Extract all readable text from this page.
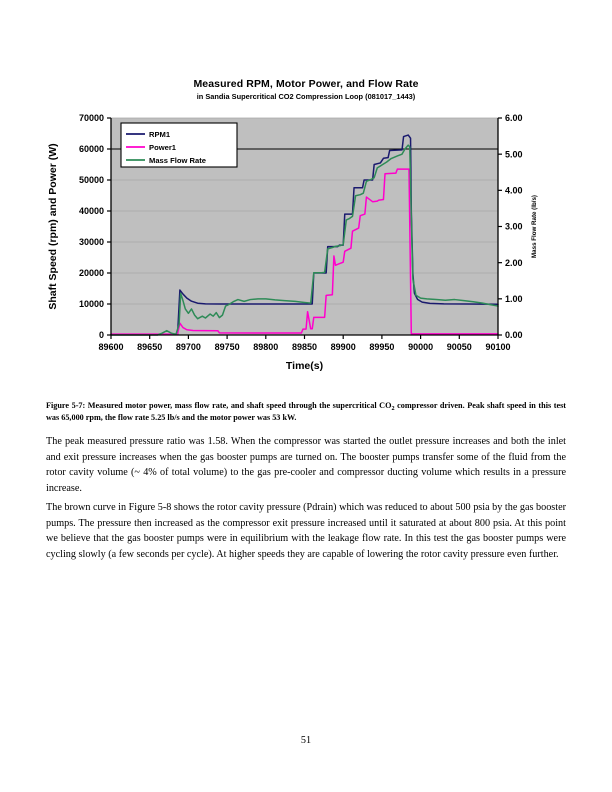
Measured RPM, Motor Power, and Flow Rate
in Sandia Supercritical CO2 Compression Loop (081017_1443)
0
10000
20000
30000
40000
50000
60000
70000
0.00
1.00
2.00
3.00
4.00
5.00
6.00
89600 89650 89700 89750 89800 89850 89900 89950 90000 90050 90100
Time(s)
Shaft Speed (rpm) and Power (W)	Mass Flow Rate (lb/s)
RPM1
Power1
Mass Flow Rate
Figure 5-7: Measured motor power, mass flow rate, and shaft speed through the supercritical $CO_2$ compressor driven. Peak shaft speed in this test was 65,000 rpm, the flow rate 5.25 lb/s and the motor power was 53 kW.
The peak measured pressure ratio was 1.58. When the compressor was started the outlet pressure increases and both the inlet and exit pressure increases when the gas booster pumps are turned on. The booster pumps transfer some of the fluid from the rotor cavity volume (~ 4% of total volume) to the gas pre-cooler and compressor ducting volume which results in a pressure increase.
The brown curve in Figure 5-8 shows the rotor cavity pressure (Pdrain) which was reduced to about 500 psia by the gas booster pumps. The pressure then increased as the compressor exit pressure increased until it saturated at about 800 psia. At this point we believe that the gas booster pumps were in equilibrium with the leakage flow rate. In this test the gas booster pumps were cycling slowly (a few seconds per cycle). At higher speeds they are capable of lowering the rotor cavity pressure even further.
51
